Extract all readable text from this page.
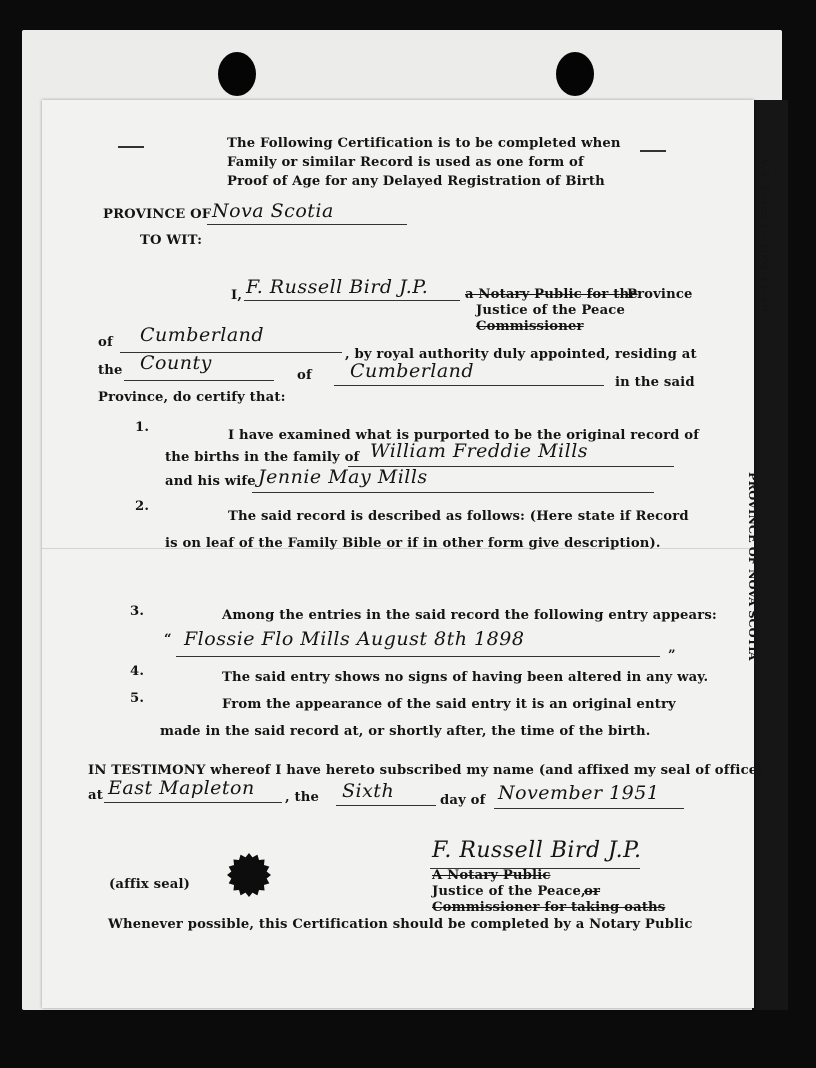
V.S. Form 1—10M-11-49
PROVINCE OF NOVA SCOTIA
The Following Certification is to be completed when
Family or similar Record is used as one form of
Proof of Age for any Delayed Registration of Birth
PROVINCE OF Nova Scotia
TO WIT:
I, F. Russell Bird J.P.	a Notary Public for the
Province
Justice of the Peace
Commissioner
of Cumberland
, by royal authority duly appointed, residing at
the County
of Cumberland
in the said
Province, do certify that:
1.
I have examined what is purported to be the original record of
the births in the family of William Freddie Mills
and his wife Jennie May Mills
2.
The said record is described as follows: (Here state if Record
is on leaf of the Family Bible or if in other form give description).
3.	Among the entries in the said record the following entry appears:
“ Flossie Flo Mills August 8th 1898
”
4.	The said entry shows no signs of having been altered in any way.
5.	From the appearance of the said entry it is an original entry
made in the said record at, or shortly after, the time of the birth.
IN TESTIMONY whereof I have hereto subscribed my name (and affixed my seal of office)
at East Mapleton , the Sixth	day of November 1951
F. Russell Bird J.P.
A Notary Public
Justice of the Peace,
or
Commissioner for taking oaths
(affix seal)
Whenever possible, this Certification should be completed by a Notary Public
